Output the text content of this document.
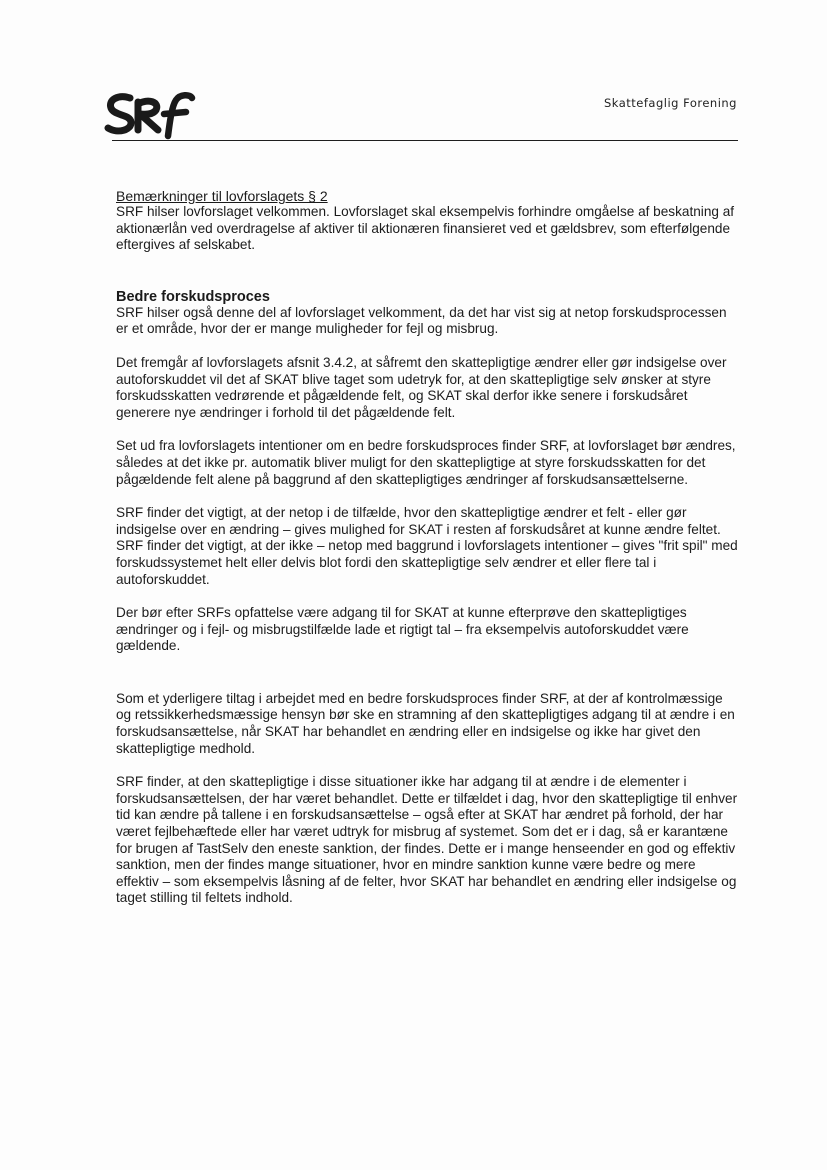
Skattefaglig Forening
Bemærkninger til lovforslagets § 2

SRF hilser lovforslaget velkommen. Lovforslaget skal eksempelvis forhindre omgåelse af beskatning af aktionærlån ved overdragelse af aktiver til aktionæren finansieret ved et gældsbrev, som efterfølgende eftergives af selskabet.

Bedre forskudsproces

SRF hilser også denne del af lovforslaget velkomment, da det har vist sig at netop forskudsprocessen er et område, hvor der er mange muligheder for fejl og misbrug.

Det fremgår af lovforslagets afsnit 3.4.2, at såfremt den skattepligtige ændrer eller gør indsigelse over autoforskuddet vil det af SKAT blive taget som udetryk for, at den skattepligtige selv ønsker at styre forskudsskatten vedrørende et pågældende felt, og SKAT skal derfor ikke senere i forskudsåret generere nye ændringer i forhold til det pågældende felt.

Set ud fra lovforslagets intentioner om en bedre forskudsproces finder SRF, at lovforslaget bør ændres, således at det ikke pr. automatik bliver muligt for den skattepligtige at styre forskudsskatten for det pågældende felt alene på baggrund af den skattepligtiges ændringer af forskudsansættelserne.

SRF finder det vigtigt, at der netop i de tilfælde, hvor den skattepligtige ændrer et felt - eller gør indsigelse over en ændring – gives mulighed for SKAT i resten af forskudsåret at kunne ændre feltet. SRF finder det vigtigt, at der ikke – netop med baggrund i lovforslagets intentioner – gives "frit spil" med forskudssystemet helt eller delvis blot fordi den skattepligtige selv ændrer et eller flere tal i autoforskuddet.

Der bør efter SRFs opfattelse være adgang til for SKAT at kunne efterprøve den skattepligtiges ændringer og i fejl- og misbrugstilfælde lade et rigtigt tal – fra eksempelvis autoforskuddet være gældende.

Som et yderligere tiltag i arbejdet med en bedre forskudsproces finder SRF, at der af kontrolmæssige og retssikkerhedsmæssige hensyn bør ske en stramning af den skattepligtiges adgang til at ændre i en forskudsansættelse, når SKAT har behandlet en ændring eller en indsigelse og ikke har givet den skattepligtige medhold.

SRF finder, at den skattepligtige i disse situationer ikke har adgang til at ændre i de elementer i forskudsansættelsen, der har været behandlet. Dette er tilfældet i dag, hvor den skattepligtige til enhver tid kan ændre på tallene i en forskudsansættelse – også efter at SKAT har ændret på forhold, der har været fejlbehæftede eller har været udtryk for misbrug af systemet. Som det er i dag, så er karantæne for brugen af TastSelv den eneste sanktion, der findes. Dette er i mange henseender en god og effektiv sanktion, men der findes mange situationer, hvor en mindre sanktion kunne være bedre og mere effektiv – som eksempelvis låsning af de felter, hvor SKAT har behandlet en ændring eller indsigelse og taget stilling til feltets indhold.
